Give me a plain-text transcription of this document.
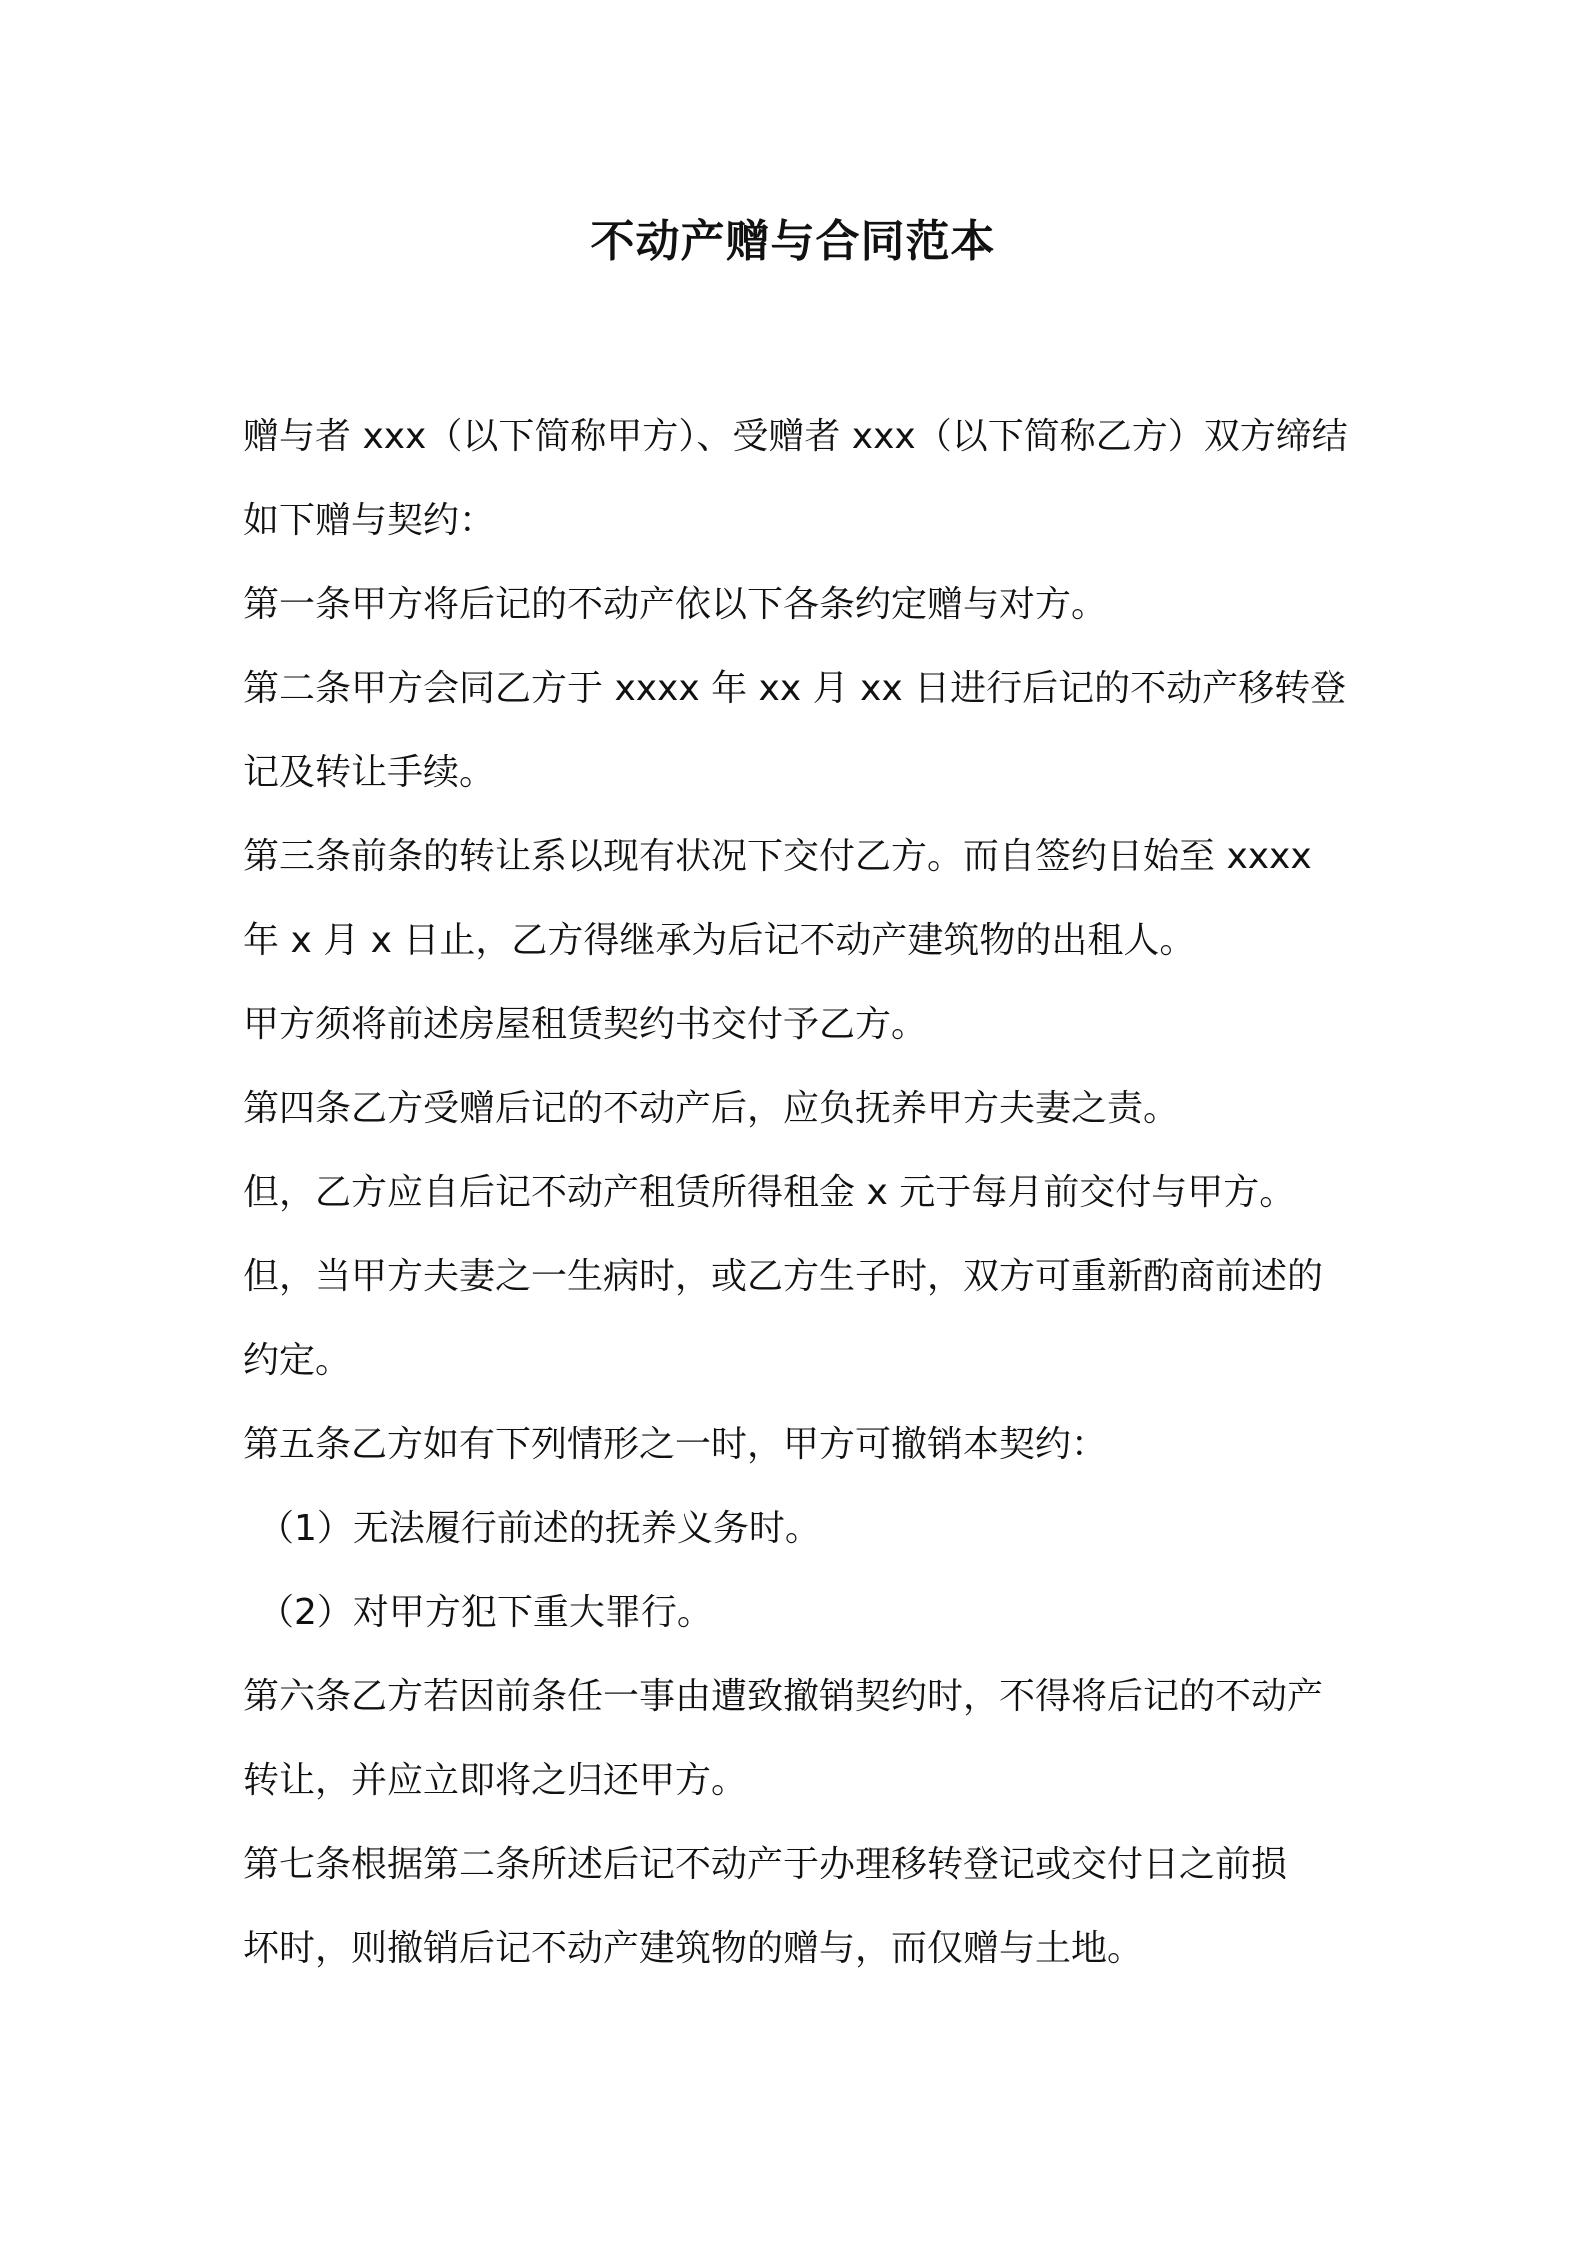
不动产赠与合同范本
赠与者 xxx（以下简称甲方）、受赠者 xxx（以下简称乙方）双方缔结
如下赠与契约：
第一条甲方将后记的不动产依以下各条约定赠与对方。
第二条甲方会同乙方于 xxxx 年 xx 月 xx 日进行后记的不动产移转登
记及转让手续。
第三条前条的转让系以现有状况下交付乙方。而自签约日始至 xxxx
年 x 月 x 日止，乙方得继承为后记不动产建筑物的出租人。
甲方须将前述房屋租赁契约书交付予乙方。
第四条乙方受赠后记的不动产后，应负抚养甲方夫妻之责。
但，乙方应自后记不动产租赁所得租金 x 元于每月前交付与甲方。
但，当甲方夫妻之一生病时，或乙方生子时，双方可重新酌商前述的
约定。
第五条乙方如有下列情形之一时，甲方可撤销本契约：
（1）无法履行前述的抚养义务时。
（2）对甲方犯下重大罪行。
第六条乙方若因前条任一事由遭致撤销契约时，不得将后记的不动产
转让，并应立即将之归还甲方。
第七条根据第二条所述后记不动产于办理移转登记或交付日之前损
坏时，则撤销后记不动产建筑物的赠与，而仅赠与土地。
